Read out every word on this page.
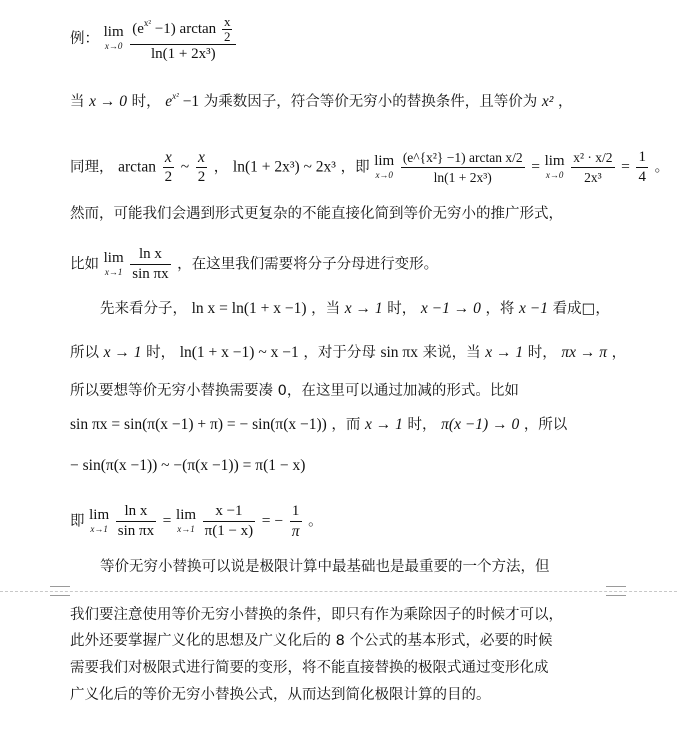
例： lim
x→0
$\frac{(e^{x^2} -1) \arctan \frac{x}{2}}{\text{ln(1 + 2x³)}}$
当 x → 0 时， $e^{x^2} -1$ 为乘数因子，符合等价无穷小的替换条件，且等价为 x² ，
同理， $\arctan \frac{x}{2}$ ~ $\frac{x}{2}$ ， ln(1 + 2x³) ~ 2x³ ，即 lim
x→0
$\frac{\text{(e\textasciicircum{}\{x²\} −1) arctan x/2}}{\text{ln(1 + 2x³)}} = \lim$
x→0
$\frac{\text{x² · x/2}}{\text{2x³}} = \frac{1}{4}$ 。
然而，可能我们会遇到形式更复杂的不能直接化简到等价无穷小的推广形式，
比如 lim
x→1
$\frac{\text{ln x}}{\text{sin πx}}$ ，在这里我们需要将分子分母进行变形。
先来看分子， ln x = ln(1 + x −1) ，当 x → 1 时， x −1 → 0 ，将 x −1 看成□，
所以 x → 1 时， ln(1 + x −1) ~ x −1 ，对于分母 sin πx 来说，当 x → 1 时， πx → π ，
所以要想等价无穷小替换需要凑 0，在这里可以通过加减的形式。比如
sin πx = sin(π(x −1) + π) = − sin(π(x −1)) ，而 x → 1 时， π(x −1) → 0 ，所以
− sin(π(x −1)) ~ −(π(x −1)) = π(1 − x)
即 lim
x→1
$\frac{\text{ln x}}{\text{sin πx}} = \lim$
x→1
$\frac{x -1}{\pi(1 - x)}$ = − $\frac{1}{\pi}$ 。
等价无穷小替换可以说是极限计算中最基础也是最重要的一个方法，但
我们要注意使用等价无穷小替换的条件，即只有作为乘除因子的时候才可以，
此外还要掌握广义化的思想及广义化后的 8 个公式的基本形式，必要的时候
需要我们对极限式进行简要的变形，将不能直接替换的极限式通过变形化成
广义化后的等价无穷小替换公式，从而达到简化极限计算的目的。
